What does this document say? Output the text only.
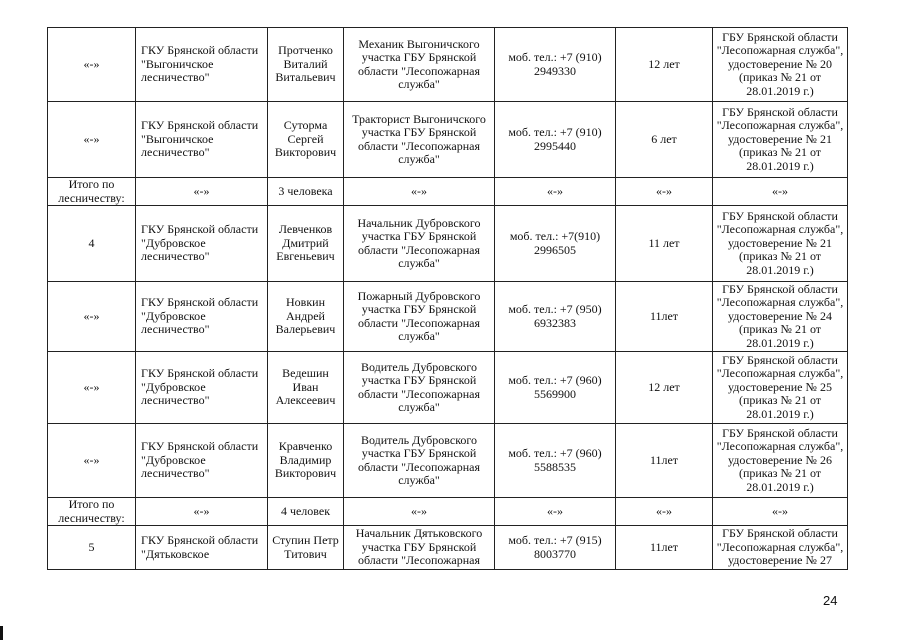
«-»	ГКУ Брянской области "Выгоничское лесничество"	Протченко Виталий Витальевич	Механик Выгоничского участка ГБУ Брянской области "Лесопожарная служба"	моб. тел.: +7 (910) 2949330	12 лет	ГБУ Брянской области "Лесопожарная служба", удостоверение № 20 (приказ № 21 от 28.01.2019 г.)
«-»	ГКУ Брянской области "Выгоничское лесничество"	Сутормa Сергей Викторович	Тракторист Выгоничского участка ГБУ Брянской области "Лесопожарная служба"	моб. тел.: +7 (910) 2995440	6 лет	ГБУ Брянской области "Лесопожарная служба", удостоверение № 21 (приказ № 21 от 28.01.2019 г.)
Итого по лесничеству:	«-»	3 человека	«-»	«-»	«-»	«-»
4	ГКУ Брянской области "Дубровское лесничество"	Левченков Дмитрий Евгеньевич	Начальник Дубровского участка ГБУ Брянской области "Лесопожарная служба"	моб. тел.: +7(910) 2996505	11 лет	ГБУ Брянской области "Лесопожарная служба", удостоверение № 21 (приказ № 21 от 28.01.2019 г.)
«-»	ГКУ Брянской области "Дубровское лесничество"	Новкин Андрей Валерьевич	Пожарный Дубровского участка ГБУ Брянской области "Лесопожарная служба"	моб. тел.: +7 (950) 6932383	11лет	ГБУ Брянской области "Лесопожарная служба", удостоверение № 24 (приказ № 21 от 28.01.2019 г.)
«-»	ГКУ Брянской области "Дубровское лесничество"	Ведешин Иван Алексеевич	Водитель Дубровского участка ГБУ Брянской области "Лесопожарная служба"	моб. тел.: +7 (960) 5569900	12 лет	ГБУ Брянской области "Лесопожарная служба", удостоверение № 25 (приказ № 21 от 28.01.2019 г.)
«-»	ГКУ Брянской области "Дубровское лесничество"	Кравченко Владимир Викторович	Водитель Дубровского участка ГБУ Брянской области "Лесопожарная служба"	моб. тел.: +7 (960) 5588535	11лет	ГБУ Брянской области "Лесопожарная служба", удостоверение № 26 (приказ № 21 от 28.01.2019 г.)
Итого по лесничеству:	«-»	4 человек	«-»	«-»	«-»	«-»
5	ГКУ Брянской области "Дятьковское	Ступин Петр Титович	Начальник Дятьковского участка ГБУ Брянской области "Лесопожарная	моб. тел.: +7 (915) 8003770	11лет	ГБУ Брянской области "Лесопожарная служба", удостоверение № 27
24
